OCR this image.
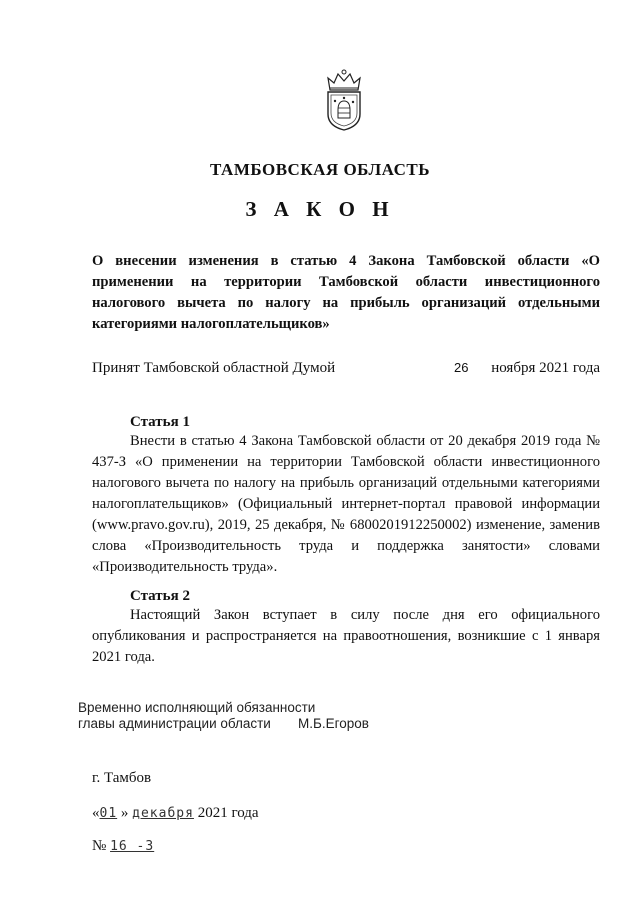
ТАМБОВСКАЯ ОБЛАСТЬ
З А К О Н
О внесении изменения в статью 4 Закона Тамбовской области «О применении на территории Тамбовской области инвестиционного налогового вычета по налогу на прибыль организаций отдельными категориями налогоплательщиков»
Принят Тамбовской областной Думой	26 ноября 2021 года
Статья 1
Внести в статью 4 Закона Тамбовской области от 20 декабря 2019 года № 437-З «О применении на территории Тамбовской области инвестиционного налогового вычета по налогу на прибыль организаций отдельными категориями налогоплательщиков» (Официальный интернет-портал правовой информации (www.pravo.gov.ru), 2019, 25 декабря, № 6800201912250002) изменение, заменив слова «Производительность труда и поддержка занятости» словами «Производительность труда».
Статья 2
Настоящий Закон вступает в силу после дня его официального опубликования и распространяется на правоотношения, возникшие с 1 января 2021 года.
Временно исполняющий обязанности
главы администрации области	М.Б.Егоров
г. Тамбов
«01 » декабря 2021 года
№ 16 -З
